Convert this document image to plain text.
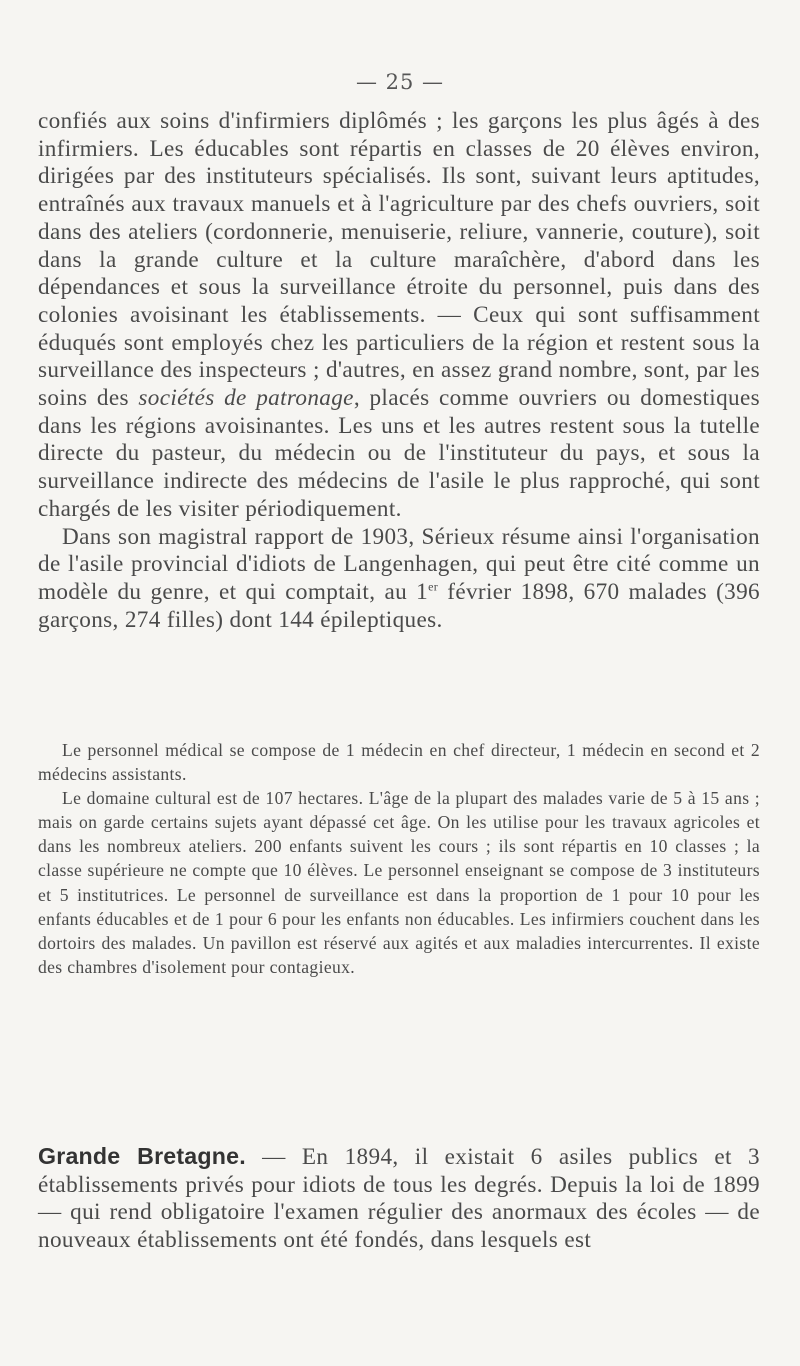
— 25 —

confiés aux soins d'infirmiers diplômés ; les garçons les plus âgés à des infirmiers. Les éducables sont répartis en classes de 20 élèves environ, dirigées par des instituteurs spécialisés. Ils sont, suivant leurs aptitudes, entraînés aux travaux manuels et à l'agriculture par des chefs ouvriers, soit dans des ateliers (cordonnerie, menuiserie, reliure, vannerie, couture), soit dans la grande culture et la culture maraîchère, d'abord dans les dépendances et sous la surveillance étroite du personnel, puis dans des colonies avoisinant les établissements. — Ceux qui sont suffisamment éduqués sont employés chez les particuliers de la région et restent sous la surveillance des inspecteurs ; d'autres, en assez grand nombre, sont, par les soins des sociétés de patronage, placés comme ouvriers ou domestiques dans les régions avoisinantes. Les uns et les autres restent sous la tutelle directe du pasteur, du médecin ou de l'instituteur du pays, et sous la surveillance indirecte des médecins de l'asile le plus rapproché, qui sont chargés de les visiter périodiquement.

Dans son magistral rapport de 1903, Sérieux résume ainsi l'organisation de l'asile provincial d'idiots de Langenhagen, qui peut être cité comme un modèle du genre, et qui comptait, au 1er février 1898, 670 malades (396 garçons, 274 filles) dont 144 épileptiques.

Le personnel médical se compose de 1 médecin en chef directeur, 1 médecin en second et 2 médecins assistants.

Le domaine cultural est de 107 hectares. L'âge de la plupart des malades varie de 5 à 15 ans ; mais on garde certains sujets ayant dépassé cet âge. On les utilise pour les travaux agricoles et dans les nombreux ateliers. 200 enfants suivent les cours ; ils sont répartis en 10 classes ; la classe supérieure ne compte que 10 élèves. Le personnel enseignant se compose de 3 instituteurs et 5 institutrices. Le personnel de surveillance est dans la proportion de 1 pour 10 pour les enfants éducables et de 1 pour 6 pour les enfants non éducables. Les infirmiers couchent dans les dortoirs des malades. Un pavillon est réservé aux agités et aux maladies intercurrentes. Il existe des chambres d'isolement pour contagieux.

Grande Bretagne. — En 1894, il existait 6 asiles publics et 3 établissements privés pour idiots de tous les degrés. Depuis la loi de 1899 — qui rend obligatoire l'examen régulier des anormaux des écoles — de nouveaux établissements ont été fondés, dans lesquels est
